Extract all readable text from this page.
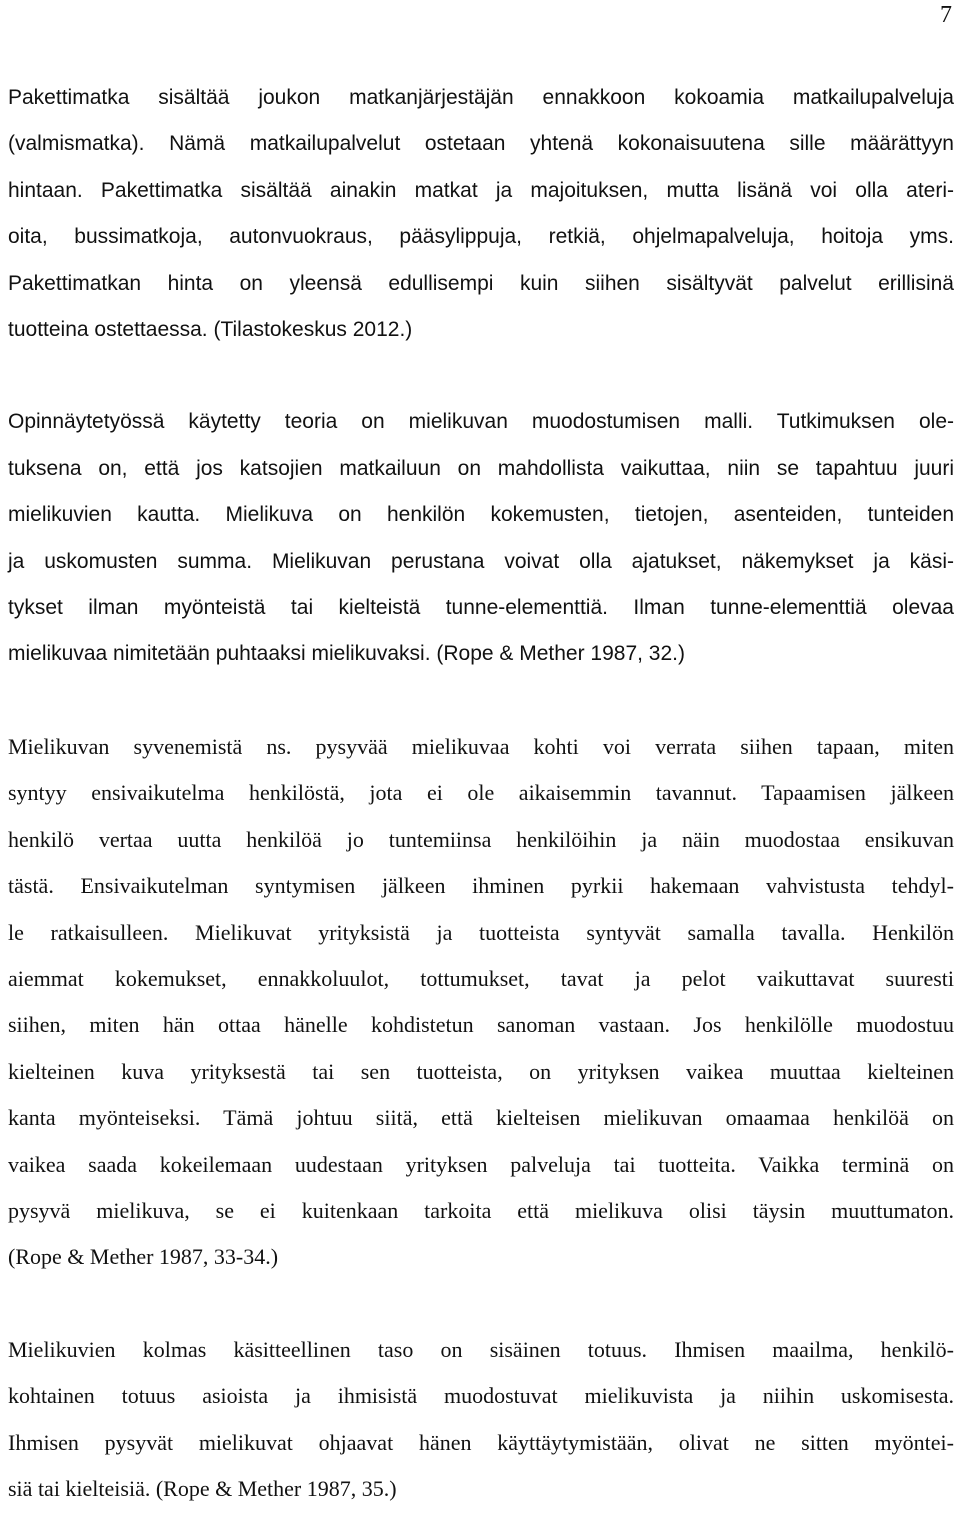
7

Pakettimatka sisältää joukon matkanjärjestäjän ennakkoon kokoamia matkailupalveluja
(valmismatka). Nämä matkailupalvelut ostetaan yhtenä kokonaisuutena sille määrättyyn
hintaan. Pakettimatka sisältää ainakin matkat ja majoituksen, mutta lisänä voi olla ateri-
oita, bussimatkoja, autonvuokraus, pääsylippuja, retkiä, ohjelmapalveluja, hoitoja yms.
Pakettimatkan hinta on yleensä edullisempi kuin siihen sisältyvät palvelut erillisinä
tuotteina ostettaessa. (Tilastokeskus 2012.)

Opinnäytetyössä käytetty teoria on mielikuvan muodostumisen malli. Tutkimuksen ole-
tuksena on, että jos katsojien matkailuun on mahdollista vaikuttaa, niin se tapahtuu juuri
mielikuvien kautta. Mielikuva on henkilön kokemusten, tietojen, asenteiden, tunteiden
ja uskomusten summa. Mielikuvan perustana voivat olla ajatukset, näkemykset ja käsi-
tykset ilman myönteistä tai kielteistä tunne-elementtiä. Ilman tunne-elementtiä olevaa
mielikuvaa nimitetään puhtaaksi mielikuvaksi. (Rope & Mether 1987, 32.)

Mielikuvan syvenemistä ns. pysyvää mielikuvaa kohti voi verrata siihen tapaan, miten
syntyy ensivaikutelma henkilöstä, jota ei ole aikaisemmin tavannut. Tapaamisen jälkeen
henkilö vertaa uutta henkilöä jo tuntemiinsa henkilöihin ja näin muodostaa ensikuvan
tästä. Ensivaikutelman syntymisen jälkeen ihminen pyrkii hakemaan vahvistusta tehdyl-
le ratkaisulleen. Mielikuvat yrityksistä ja tuotteista syntyvät samalla tavalla. Henkilön
aiemmat kokemukset, ennakkoluulot, tottumukset, tavat ja pelot vaikuttavat suuresti
siihen, miten hän ottaa hänelle kohdistetun sanoman vastaan. Jos henkilölle muodostuu
kielteinen kuva yrityksestä tai sen tuotteista, on yrityksen vaikea muuttaa kielteinen
kanta myönteiseksi. Tämä johtuu siitä, että kielteisen mielikuvan omaamaa henkilöä on
vaikea saada kokeilemaan uudestaan yrityksen palveluja tai tuotteita. Vaikka terminä on
pysyvä mielikuva, se ei kuitenkaan tarkoita että mielikuva olisi täysin muuttumaton.
(Rope & Mether 1987, 33-34.)

Mielikuvien kolmas käsitteellinen taso on sisäinen totuus. Ihmisen maailma, henkilö-
kohtainen totuus asioista ja ihmisistä muodostuvat mielikuvista ja niihin uskomisesta.
Ihmisen pysyvät mielikuvat ohjaavat hänen käyttäytymistään, olivat ne sitten myöntei-
siä tai kielteisiä. (Rope & Mether 1987, 35.)
